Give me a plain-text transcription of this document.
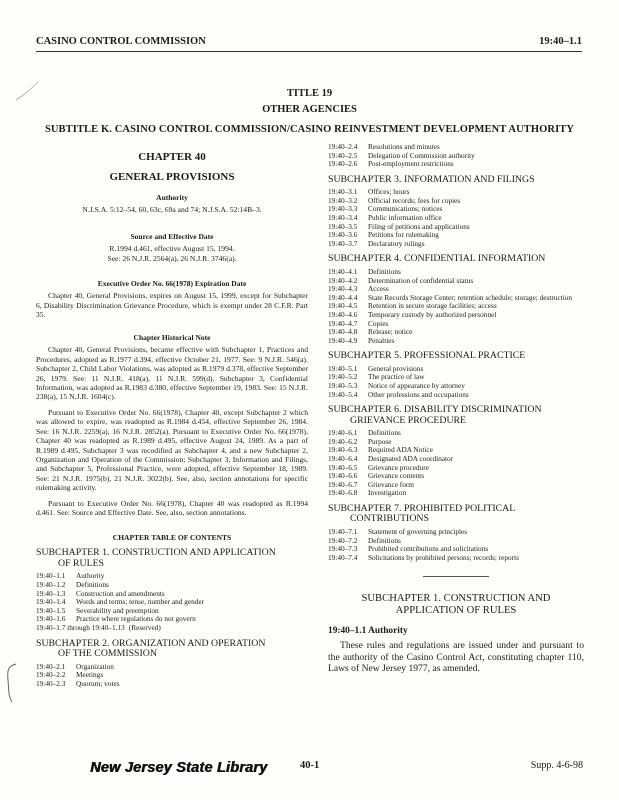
CASINO CONTROL COMMISSION	19:40–1.1
TITLE 19
OTHER AGENCIES
SUBTITLE K. CASINO CONTROL COMMISSION/CASINO REINVESTMENT DEVELOPMENT AUTHORITY
CHAPTER 40
GENERAL PROVISIONS
Authority
N.J.S.A. 5:12–54, 60, 63c, 69a and 74; N.J.S.A. 52:14B–3.
Source and Effective Date
R.1994 d.461, effective August 15, 1994.
See: 26 N.J.R. 2564(a), 26 N.J.R. 3746(a).
Executive Order No. 66(1978) Expiration Date

Chapter 40, General Provisions, expires on August 15, 1999, except for Subchapter 6, Disability Discrimination Grievance Procedure, which is exempt under 28 C.F.R. Part 35.

Chapter Historical Note

Chapter 40, General Provisions, became effective with Subchapter 1, Practices and Procedures, adopted as R.1977 d.394, effective October 21, 1977. See: 9 N.J.R. 546(a). Subchapter 2, Child Labor Violations, was adopted as R.1979 d.378, effective September 26, 1979. See: 11 N.J.R. 418(a), 11 N.J.R. 599(d). Subchapter 3, Confidential Information, was adopted as R.1983 d.380, effective September 19, 1983. See: 15 N.J.R. 238(a), 15 N.J.R. 1604(c).

Pursuant to Executive Order No. 66(1978), Chapter 40, except Subchapter 2 which was allowed to expire, was readopted as R.1984 d.454, effective September 26, 1984. See: 16 N.J.R. 2259(a), 16 N.J.R. 2852(a). Pursuant to Executive Order No. 66(1978), Chapter 40 was readopted as R.1989 d.495, effective August 24, 1989. As a part of R.1989 d.495, Subchapter 3 was recodified as Subchapter 4, and a new Subchapter 2, Organization and Operation of the Commission; Subchapter 3, Information and Filings, and Subchapter 5, Professional Practice, were adopted, effective September 18, 1989. See: 21 N.J.R. 1975(b), 21 N.J.R. 3022(b). See, also, section annotations for specific rulemaking activity.

Pursuant to Executive Order No. 66(1978), Chapter 40 was readopted as R.1994 d.461. See: Source and Effective Date. See, also, section annotations.

CHAPTER TABLE OF CONTENTS
SUBCHAPTER 1. CONSTRUCTION AND APPLICATION
OF RULES
19:40–1.1	Authority
19:40–1.2	Definitions
19:40–1.3	Construction and amendments
19:40–1.4	Words and terms; tense, number and gender
19:40–1.5	Severability and preemption
19:40–1.6	Practice where regulations do not govern
19:40–1.7 through 19:40–1.13 (Reserved)
SUBCHAPTER 2. ORGANIZATION AND OPERATION
OF THE COMMISSION
19:40–2.1	Organization
19:40–2.2	Meetings
19:40–2.3	Quorum; votes
19:40–2.4	Resolutions and minutes
19:40–2.5	Delegation of Commission authority
19:40–2.6	Post-employment restrictions
SUBCHAPTER 3. INFORMATION AND FILINGS
19:40–3.1	Offices; hours
19:40–3.2	Official records; fees for copies
19:40–3.3	Communications; notices
19:40–3.4	Public information office
19:40–3.5	Filing of petitions and applications
19:40–3.6	Petitions for rulemaking
19:40–3.7	Declaratory rulings
SUBCHAPTER 4. CONFIDENTIAL INFORMATION
19:40–4.1	Definitions
19:40–4.2	Determination of confidential status
19:40–4.3	Access
19:40–4.4	State Records Storage Center; retention schedule; storage; destruction
19:40–4.5	Retention in secure storage facilities; access
19:40–4.6	Temporary custody by authorized personnel
19:40–4.7	Copies
19:40–4.8	Release; notice
19:40–4.9	Penalties
SUBCHAPTER 5. PROFESSIONAL PRACTICE
19:40–5.1	General provisions
19:40–5.2	The practice of law
19:40–5.3	Notice of appearance by attorney
19:40–5.4	Other professions and occupations
SUBCHAPTER 6. DISABILITY DISCRIMINATION
GRIEVANCE PROCEDURE
19:40–6.1	Definitions
19:40–6.2	Purpose
19:40–6.3	Required ADA Notice
19:40–6.4	Designated ADA coordinator
19:40–6.5	Grievance procedure
19:40–6.6	Grievance contents
19:40–6.7	Grievance form
19:40–6.8	Investigation
SUBCHAPTER 7. PROHIBITED POLITICAL
CONTRIBUTIONS
19:40–7.1	Statement of governing principles
19:40–7.2	Definitions
19:40–7.3	Prohibited contributions and solicitations
19:40–7.4	Solicitations by prohibited persons; records; reports
SUBCHAPTER 1. CONSTRUCTION AND
APPLICATION OF RULES
19:40–1.1 Authority
These rules and regulations are issued under and pursuant to the authority of the Casino Control Act, constituting chapter 110, Laws of New Jersey 1977, as amended.
New Jersey State Library	40-1	Supp. 4-6-98
